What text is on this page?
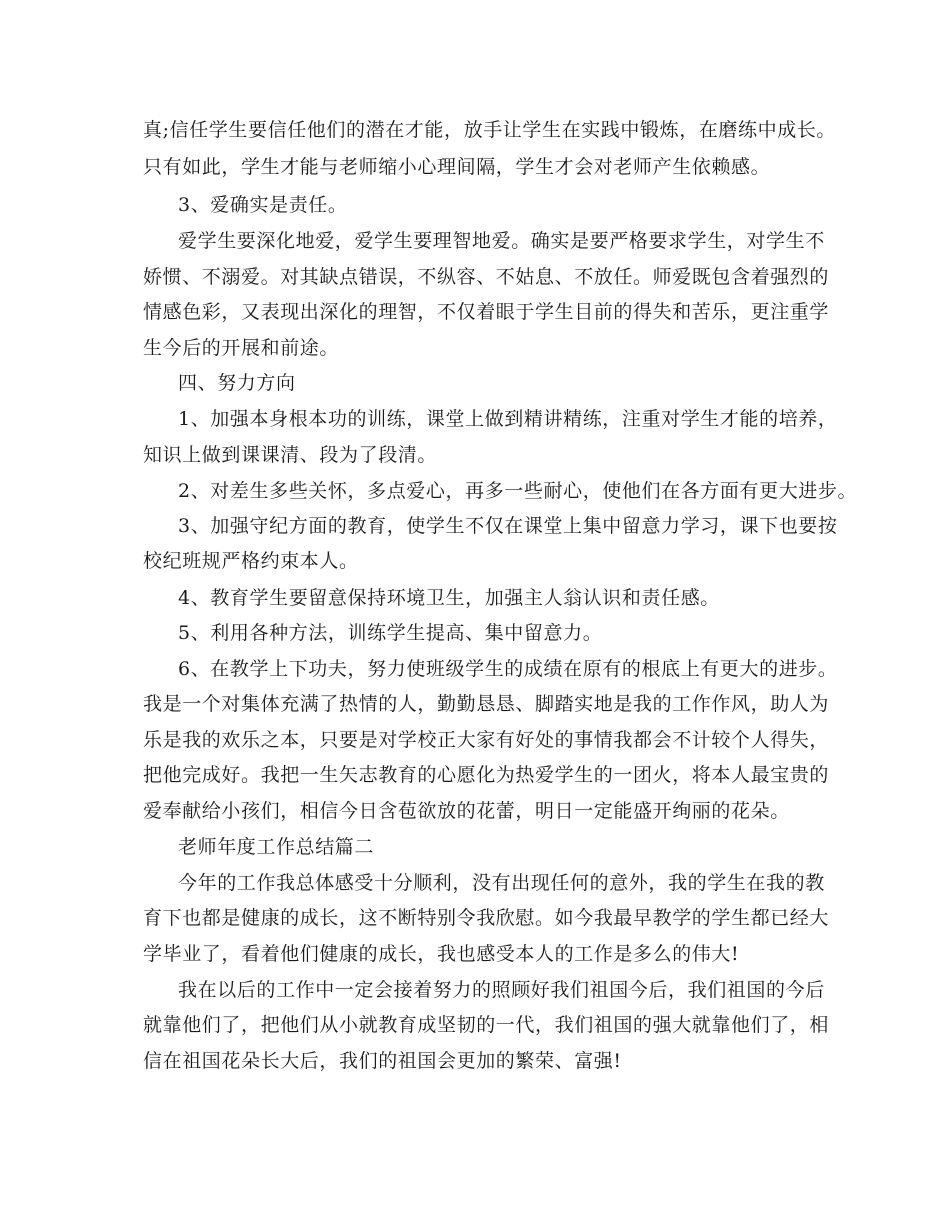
真;信任学生要信任他们的潜在才能，放手让学生在实践中锻炼，在磨练中成长。
只有如此，学生才能与老师缩小心理间隔，学生才会对老师产生依赖感。
3、爱确实是责任。
爱学生要深化地爱，爱学生要理智地爱。确实是要严格要求学生，对学生不
娇惯、不溺爱。对其缺点错误，不纵容、不姑息、不放任。师爱既包含着强烈的
情感色彩，又表现出深化的理智，不仅着眼于学生目前的得失和苦乐，更注重学
生今后的开展和前途。
四、努力方向
1、加强本身根本功的训练，课堂上做到精讲精练，注重对学生才能的培养，
知识上做到课课清、段为了段清。
2、对差生多些关怀，多点爱心，再多一些耐心，使他们在各方面有更大进步。
3、加强守纪方面的教育，使学生不仅在课堂上集中留意力学习，课下也要按
校纪班规严格约束本人。
4、教育学生要留意保持环境卫生，加强主人翁认识和责任感。
5、利用各种方法，训练学生提高、集中留意力。
6、在教学上下功夫，努力使班级学生的成绩在原有的根底上有更大的进步。
我是一个对集体充满了热情的人，勤勤恳恳、脚踏实地是我的工作作风，助人为
乐是我的欢乐之本，只要是对学校正大家有好处的事情我都会不计较个人得失，
把他完成好。我把一生矢志教育的心愿化为热爱学生的一团火，将本人最宝贵的
爱奉献给小孩们，相信今日含苞欲放的花蕾，明日一定能盛开绚丽的花朵。
老师年度工作总结篇二
今年的工作我总体感受十分顺利，没有出现任何的意外，我的学生在我的教
育下也都是健康的成长，这不断特别令我欣慰。如今我最早教学的学生都已经大
学毕业了，看着他们健康的成长，我也感受本人的工作是多么的伟大!
我在以后的工作中一定会接着努力的照顾好我们祖国今后，我们祖国的今后
就靠他们了，把他们从小就教育成坚韧的一代，我们祖国的强大就靠他们了，相
信在祖国花朵长大后，我们的祖国会更加的繁荣、富强!
